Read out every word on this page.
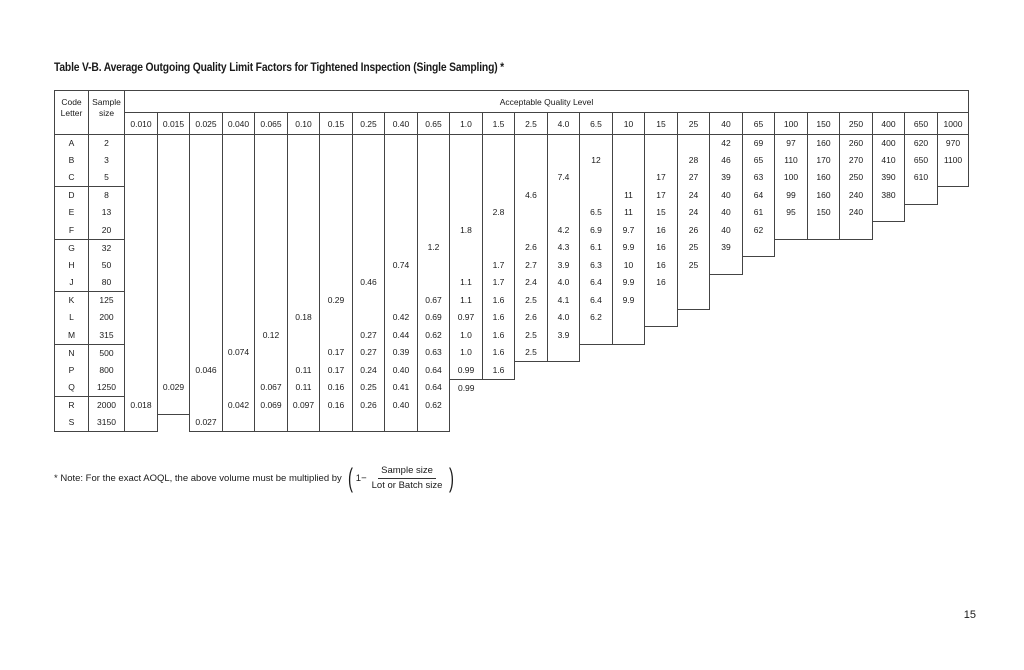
Table V-B. Average Outgoing Quality Limit Factors for Tightened Inspection (Single Sampling) *
Code
Letter	Sample
size	Acceptable Quality Level																									
		0.010	0.015	0.025	0.040	0.065	0.10	0.15	0.25	0.40	0.65	1.0	1.5	2.5	4.0	6.5	10	15	25	40	65	100	150	250	400	650	1000
A	2																			42	69	97	160	260	400	620	970
B	3															12			28	46	65	110	170	270	410	650	1100
C	5														7.4			17	27	39	63	100	160	250	390	610	
D	8													4.6			11	17	24	40	64	99	160	240	380		
E	13												2.8			6.5	11	15	24	40	61	95	150	240			
F	20											1.8			4.2	6.9	9.7	16	26	40	62						
G	32										1.2			2.6	4.3	6.1	9.9	16	25	39							
H	50									0.74			1.7	2.7	3.9	6.3	10	16	25								
J	80								0.46			1.1	1.7	2.4	4.0	6.4	9.9	16									
K	125							0.29			0.67	1.1	1.6	2.5	4.1	6.4	9.9										
L	200						0.18			0.42	0.69	0.97	1.6	2.6	4.0	6.2											
M	315					0.12			0.27	0.44	0.62	1.0	1.6	2.5	3.9												
N	500				0.074			0.17	0.27	0.39	0.63	1.0	1.6	2.5													
P	800			0.046			0.11	0.17	0.24	0.40	0.64	0.99	1.6														
Q	1250		0.029			0.067	0.11	0.16	0.25	0.41	0.64	0.99															
R	2000	0.018			0.042	0.069	0.097	0.16	0.26	0.40	0.62																
S	3150			0.027																							
* Note: For the exact AOQL, the above volume must be multiplied by ( $1- \frac{\text{Sample size}}{\text{Lot or Batch size}}$ )
15
